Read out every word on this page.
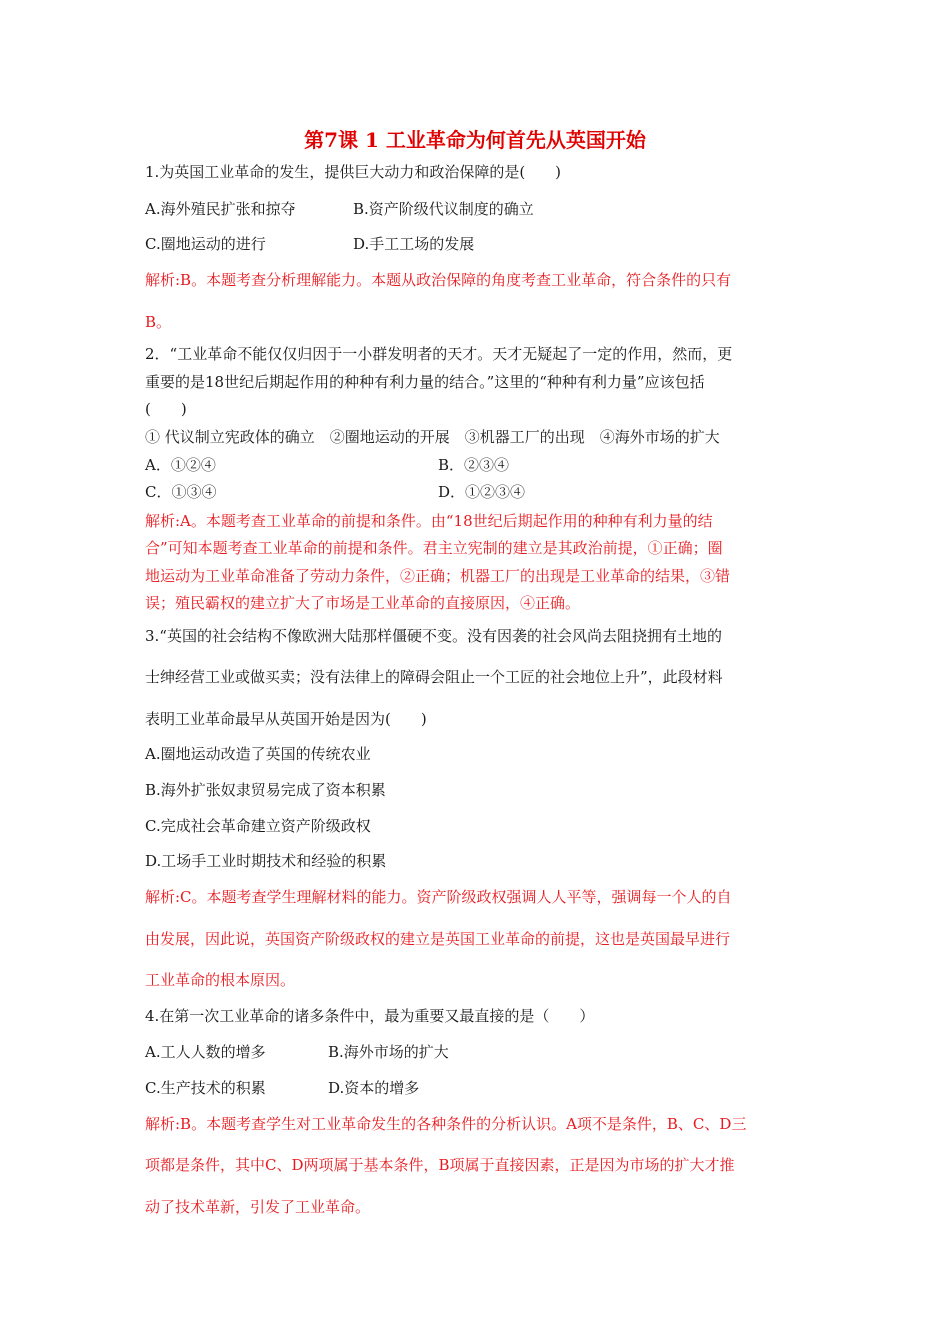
第7课 1 工业革命为何首先从英国开始
1.为英国工业革命的发生，提供巨大动力和政治保障的是(　　)
A.海外殖民扩张和掠夺	B.资产阶级代议制度的确立
C.圈地运动的进行	D.手工工场的发展
解析:B。本题考查分析理解能力。本题从政治保障的角度考查工业革命，符合条件的只有
B。
2．“工业革命不能仅仅归因于一小群发明者的天才。天才无疑起了一定的作用，然而，更
重要的是18世纪后期起作用的种种有利力量的结合。”这里的“种种有利力量”应该包括
(　　)
① 代议制立宪政体的确立　②圈地运动的开展　③机器工厂的出现　④海外市场的扩大
A．①②④	B．②③④
C．①③④	D．①②③④
解析:A。本题考查工业革命的前提和条件。由“18世纪后期起作用的种种有利力量的结
合”可知本题考查工业革命的前提和条件。君主立宪制的建立是其政治前提，①正确；圈
地运动为工业革命准备了劳动力条件，②正确；机器工厂的出现是工业革命的结果，③错
误；殖民霸权的建立扩大了市场是工业革命的直接原因，④正确。
3.“英国的社会结构不像欧洲大陆那样僵硬不变。没有因袭的社会风尚去阻挠拥有土地的
士绅经营工业或做买卖；没有法律上的障碍会阻止一个工匠的社会地位上升”，此段材料
表明工业革命最早从英国开始是因为(　　)
A.圈地运动改造了英国的传统农业
B.海外扩张奴隶贸易完成了资本积累
C.完成社会革命建立资产阶级政权
D.工场手工业时期技术和经验的积累
解析:C。本题考查学生理解材料的能力。资产阶级政权强调人人平等，强调每一个人的自
由发展，因此说，英国资产阶级政权的建立是英国工业革命的前提，这也是英国最早进行
工业革命的根本原因。
4.在第一次工业革命的诸多条件中，最为重要又最直接的是（　　）
A.工人人数的增多	B.海外市场的扩大
C.生产技术的积累	D.资本的增多
解析:B。本题考查学生对工业革命发生的各种条件的分析认识。A项不是条件，B、C、D三
项都是条件，其中C、D两项属于基本条件，B项属于直接因素，正是因为市场的扩大才推
动了技术革新，引发了工业革命。
